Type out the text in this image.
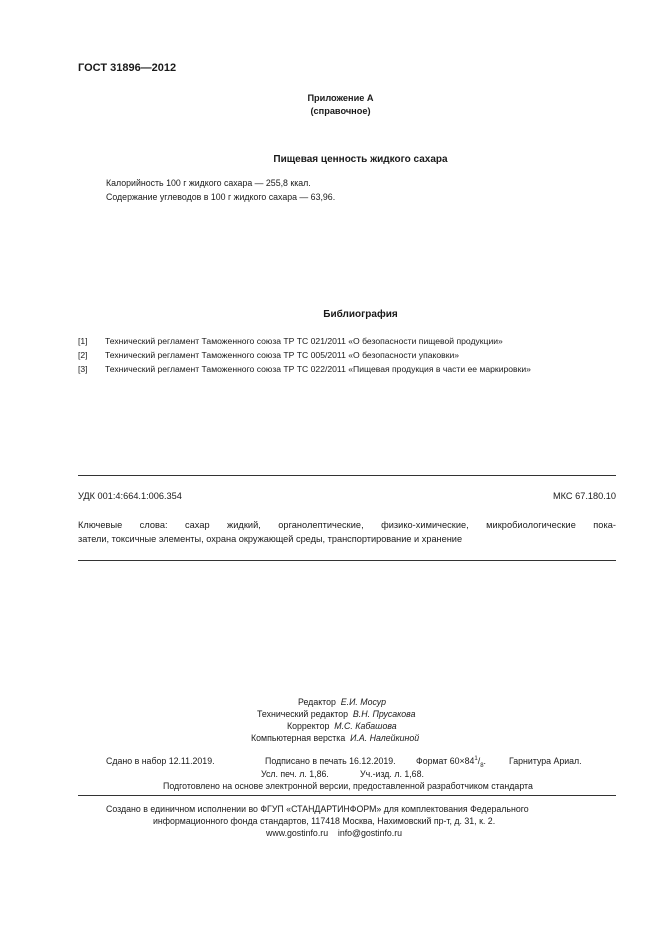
ГОСТ 31896—2012
Приложение А
(справочное)
Пищевая ценность жидкого сахара
Калорийность 100 г жидкого сахара — 255,8 ккал.
Содержание углеводов в 100 г жидкого сахара — 63,96.
Библиография
[1] Технический регламент Таможенного союза ТР ТС 021/2011 «О безопасности пищевой продукции»
[2] Технический регламент Таможенного союза ТР ТС 005/2011 «О безопасности упаковки»
[3] Технический регламент Таможенного союза ТР ТС 022/2011 «Пищевая продукция в части ее маркировки»
УДК 001:4:664.1:006.354	МКС 67.180.10
Ключевые слова: сахар жидкий, органолептические, физико-химические, микробиологические пока-
затели, токсичные элементы, охрана окружающей среды, транспортирование и хранение
Редактор Е.И. Мосур
Технический редактор В.Н. Прусакова
Корректор М.С. Кабашова
Компьютерная верстка И.А. Налейкиной
Сдано в набор 12.11.2019.	Подписано в печать 16.12.2019. Формат $60\times 84^1/_8$.	Гарнитура Ариал.
Усл. печ. л. 1,86.	Уч.-изд. л. 1,68.
Подготовлено на основе электронной версии, предоставленной разработчиком стандарта
Создано в единичном исполнении во ФГУП «СТАНДАРТИНФОРМ» для комплектования Федерального
информационного фонда стандартов, 117418 Москва, Нахимовский пр-т, д. 31, к. 2.
www.gostinfo.ru info@gostinfo.ru
